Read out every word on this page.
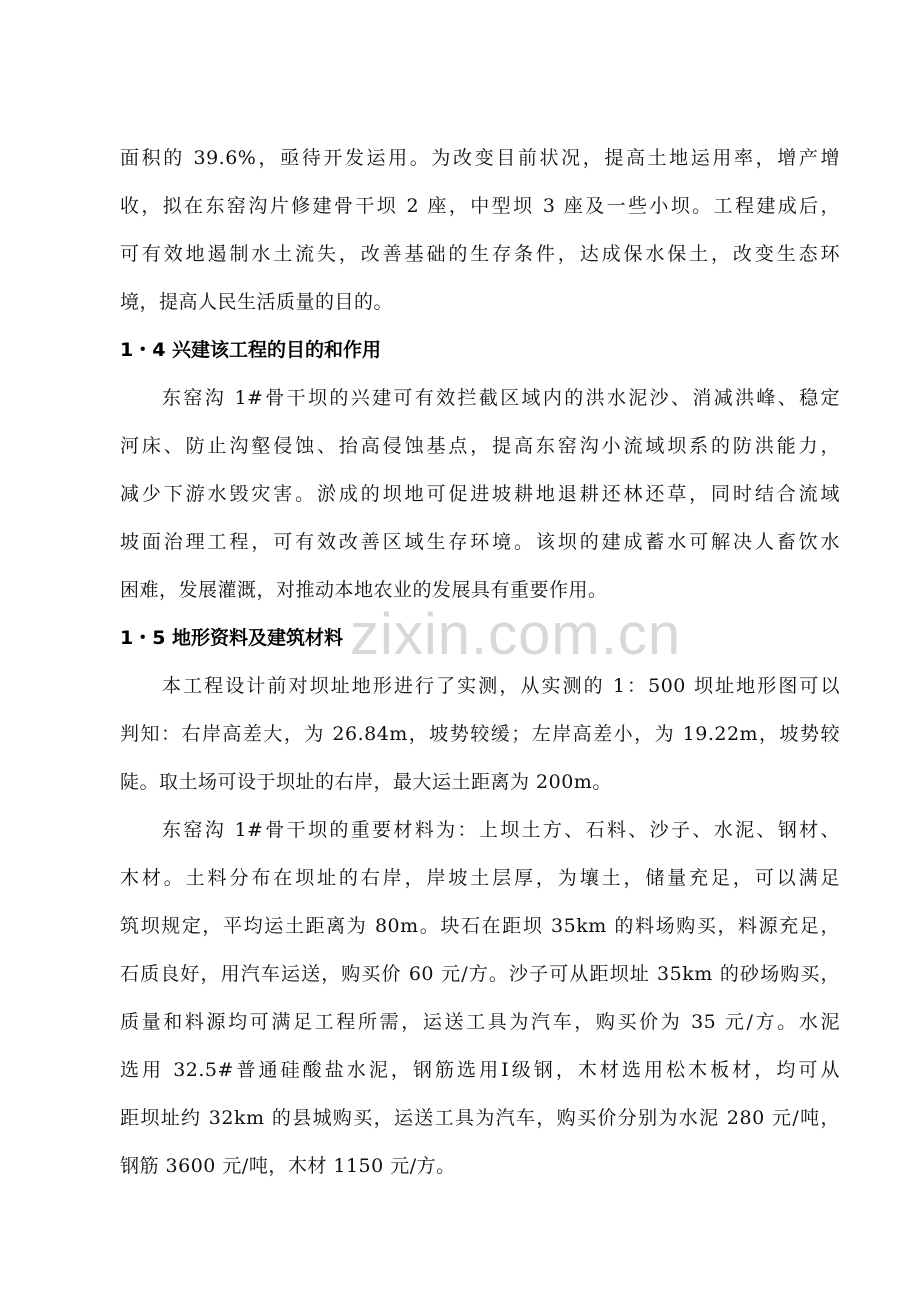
zixin.com.cn
面积的 39.6%，亟待开发运用。为改变目前状况，提高土地运用率，增产增
收，拟在东窑沟片修建骨干坝 2 座，中型坝 3 座及一些小坝。工程建成后，
可有效地遏制水土流失，改善基础的生存条件，达成保水保土，改变生态环
境，提高人民生活质量的目的。
1・4 兴建该工程的目的和作用
东窑沟 1#骨干坝的兴建可有效拦截区域内的洪水泥沙、消减洪峰、稳定
河床、防止沟壑侵蚀、抬高侵蚀基点，提高东窑沟小流域坝系的防洪能力，
减少下游水毁灾害。淤成的坝地可促进坡耕地退耕还林还草，同时结合流域
坡面治理工程，可有效改善区域生存环境。该坝的建成蓄水可解决人畜饮水
困难，发展灌溉，对推动本地农业的发展具有重要作用。
1・5 地形资料及建筑材料
本工程设计前对坝址地形进行了实测，从实测的 1：500 坝址地形图可以
判知：右岸高差大，为 26.84m，坡势较缓；左岸高差小，为 19.22m，坡势较
陡。取土场可设于坝址的右岸，最大运土距离为 200m。
东窑沟 1#骨干坝的重要材料为：上坝土方、石料、沙子、水泥、钢材、
木材。土料分布在坝址的右岸，岸坡土层厚，为壤土，储量充足，可以满足
筑坝规定，平均运土距离为 80m。块石在距坝 35km 的料场购买，料源充足，
石质良好，用汽车运送，购买价 60 元/方。沙子可从距坝址 35km 的砂场购买，
质量和料源均可满足工程所需，运送工具为汽车，购买价为 35 元/方。水泥
选用 32.5#普通硅酸盐水泥，钢筋选用Ⅰ级钢，木材选用松木板材，均可从
距坝址约 32km 的县城购买，运送工具为汽车，购买价分别为水泥 280 元/吨，
钢筋 3600 元/吨，木材 1150 元/方。
